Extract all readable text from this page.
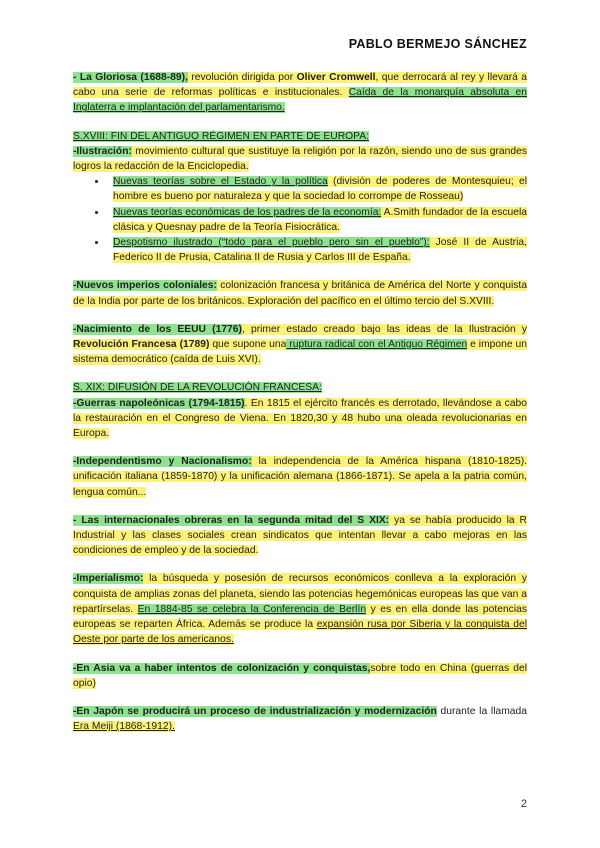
PABLO BERMEJO SÁNCHEZ

- La Gloriosa (1688-89), revolución dirigida por Oliver Cromwell, que derrocará al rey y llevará a cabo una serie de reformas políticas e institucionales. Caída de la monarquía absoluta en Inglaterra e implantación del parlamentarismo.

S.XVIII: FIN DEL ANTIGUO RÉGIMEN EN PARTE DE EUROPA:
-Ilustración: movimiento cultural que sustituye la religión por la razón, siendo uno de sus grandes logros la redacción de la Enciclopedia.

• Nuevas teorías sobre el Estado y la política (división de poderes de Montesquieu; el hombre es bueno por naturaleza y que la sociedad lo corrompe de Rosseau)
• Nuevas teorías económicas de los padres de la economía: A.Smith fundador de la escuela clásica y Quesnay padre de la Teoría Fisiocrática.
• Despotismo ilustrado (“todo para el pueblo pero sin el pueblo”): José II de Austria, Federico II de Prusia, Catalina II de Rusia y Carlos III de España.

-Nuevos imperios coloniales: colonización francesa y británica de América del Norte y conquista de la India por parte de los británicos. Exploración del pacífico en el último tercio del S.XVIII.

-Nacimiento de los EEUU (1776), primer estado creado bajo las ideas de la Ilustración y Revolución Francesa (1789) que supone una ruptura radical con el Antiguo Régimen e impone un sistema democrático (caída de Luis XVI).

S. XIX: DIFUSIÓN DE LA REVOLUCIÓN FRANCESA:
-Guerras napoleónicas (1794-1815). En 1815 el ejército francés es derrotado, llevándose a cabo la restauración en el Congreso de Viena. En 1820,30 y 48 hubo una oleada revolucionarias en Europa.

-Independentismo y Nacionalismo: la independencia de la América hispana (1810-1825). unificación italiana (1859-1870) y la unificación alemana (1866-1871). Se apela a la patria común, lengua común...

- Las internacionales obreras en la segunda mitad del S XIX: ya se había producido la R Industrial y las clases sociales crean sindicatos que intentan llevar a cabo mejoras en las condiciones de empleo y de la sociedad.

-Imperialismo: la búsqueda y posesión de recursos económicos conlleva a la exploración y conquista de amplias zonas del planeta, siendo las potencias hegemónicas europeas las que van a repartírselas. En 1884-85 se celebra la Conferencia de Berlín y es en ella donde las potencias europeas se reparten África. Además se produce la expansión rusa por Siberia y la conquista del Oeste por parte de los americanos.

-En Asia va a haber intentos de colonización y conquistas,sobre todo en China (guerras del opio)

-En Japón se producirá un proceso de industrialización y modernización durante la llamada Era Meiji (1868-1912).

2
